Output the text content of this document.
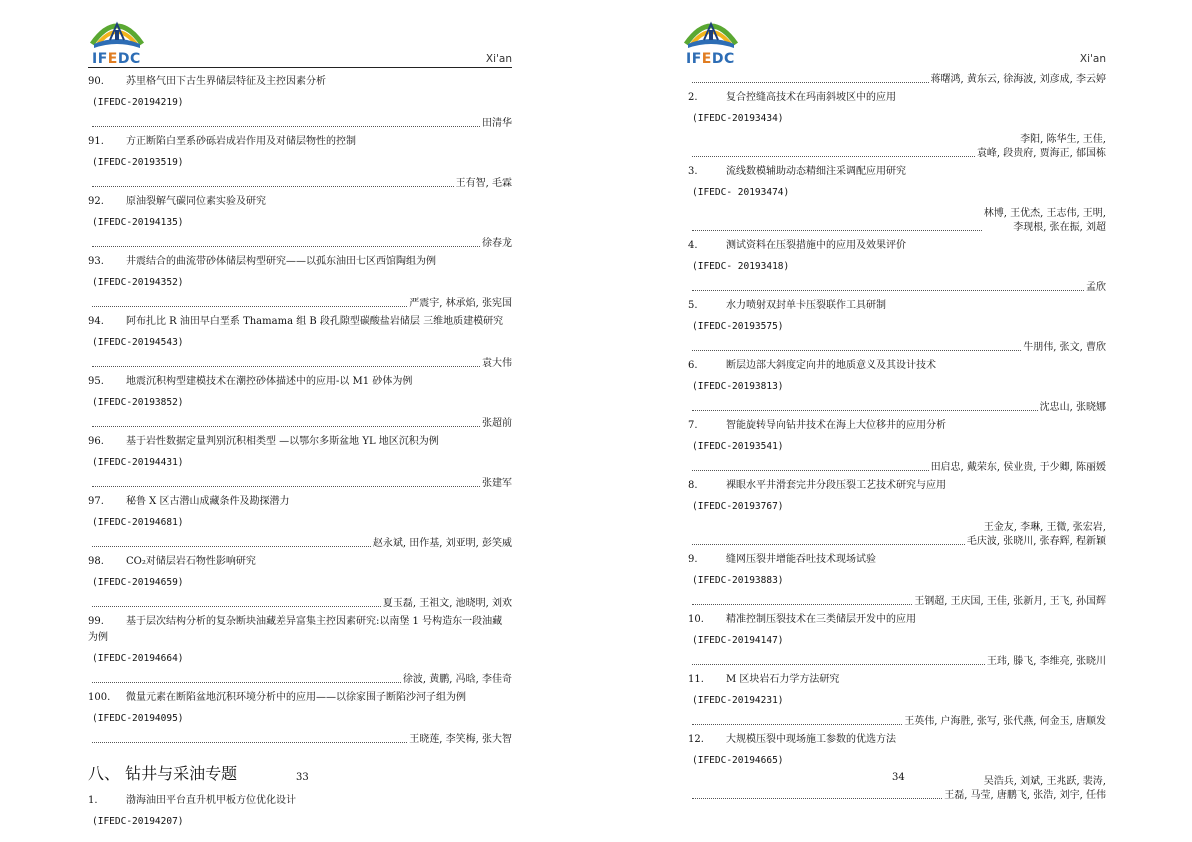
IFEDC	Xi'an
90. 苏里格气田下古生界储层特征及主控因素分析
(IFEDC-20194219)
田清华
91. 方正断陷白垩系砂砾岩成岩作用及对储层物性的控制
(IFEDC-20193519)
王有智, 毛霖
92. 原油裂解气碳同位素实验及研究
(IFEDC-20194135)
徐春龙
93. 井震结合的曲流带砂体储层构型研究——以孤东油田七区西馆陶组为例
(IFEDC-20194352)
严震宇, 林承焰, 张宪国
94. 阿布扎比 R 油田早白垩系 Thamama 组 B 段孔隙型碳酸盐岩储层 三维地质建模研究
(IFEDC-20194543)
袁大伟
95. 地震沉积构型建模技术在潮控砂体描述中的应用-以 M1 砂体为例
(IFEDC-20193852)
张超前
96. 基于岩性数据定量判别沉积相类型 —以鄂尔多斯盆地 YL 地区沉积为例
(IFEDC-20194431)
张建军
97. 秘鲁 X 区古潜山成藏条件及勘探潜力
(IFEDC-20194681)
赵永斌, 田作基, 刘亚明, 彭笑威
98. CO₂对储层岩石物性影响研究
(IFEDC-20194659)
夏玉磊, 王祖文, 池晓明, 刘欢
99. 基于层次结构分析的复杂断块油藏差异富集主控因素研究:以南堡 1 号构造东一段油藏为例
(IFEDC-20194664)
徐波, 黄鹏, 冯晗, 李佳奇
100. 微量元素在断陷盆地沉积环境分析中的应用——以徐家围子断陷沙河子组为例
(IFEDC-20194095)
王晓莲, 李笑梅, 张大智
八、 钻井与采油专题
1.	渤海油田平台直升机甲板方位优化设计
(IFEDC-20194207)
33
IFEDC	Xi'an
蒋曙鸿, 黄东云, 徐海波, 刘彦成, 李云婷
2.	复合控缝高技术在玛南斜坡区中的应用
(IFEDC-20193434)
李阳, 陈华生, 王佳,
袁峰, 段贵府, 贾海正, 郁国栋
3.	流线数模辅助动态精细注采调配应用研究
(IFEDC- 20193474)
林博, 王优杰, 王志伟, 王明,
李现根, 张在振, 刘超
4.	测试资料在压裂措施中的应用及效果评价
(IFEDC- 20193418)
孟欣
5.	水力喷射双封单卡压裂联作工具研制
(IFEDC-20193575)
牛朋伟, 张文, 曹欣
6.	断层边部大斜度定向井的地质意义及其设计技术
(IFEDC-20193813)
沈忠山, 张晓娜
7.	智能旋转导向钻井技术在海上大位移井的应用分析
(IFEDC-20193541)
田启忠, 戴荣东, 侯业贵, 于少卿, 陈丽媛
8.	裸眼水平井滑套完井分段压裂工艺技术研究与应用
(IFEDC-20193767)
王金友, 李琳, 王微, 张宏岩,
毛庆波, 张晓川, 张春辉, 程新颖
9.	缝网压裂井增能吞吐技术现场试验
(IFEDC-20193883)
王钢超, 王庆国, 王佳, 张新月, 王飞, 孙国辉
10. 精准控制压裂技术在三类储层开发中的应用
(IFEDC-20194147)
王玮, 滕飞, 李维亮, 张晓川
11. M 区块岩石力学方法研究
(IFEDC-20194231)
王英伟, 户海胜, 张写, 张代燕, 何金玉, 唐顺发
12. 大规模压裂中现场施工参数的优选方法
(IFEDC-20194665)
吴浩兵, 刘斌, 王兆跃, 裴涛,
王磊, 马莹, 唐鹏飞, 张浩, 刘宇, 任伟
34
